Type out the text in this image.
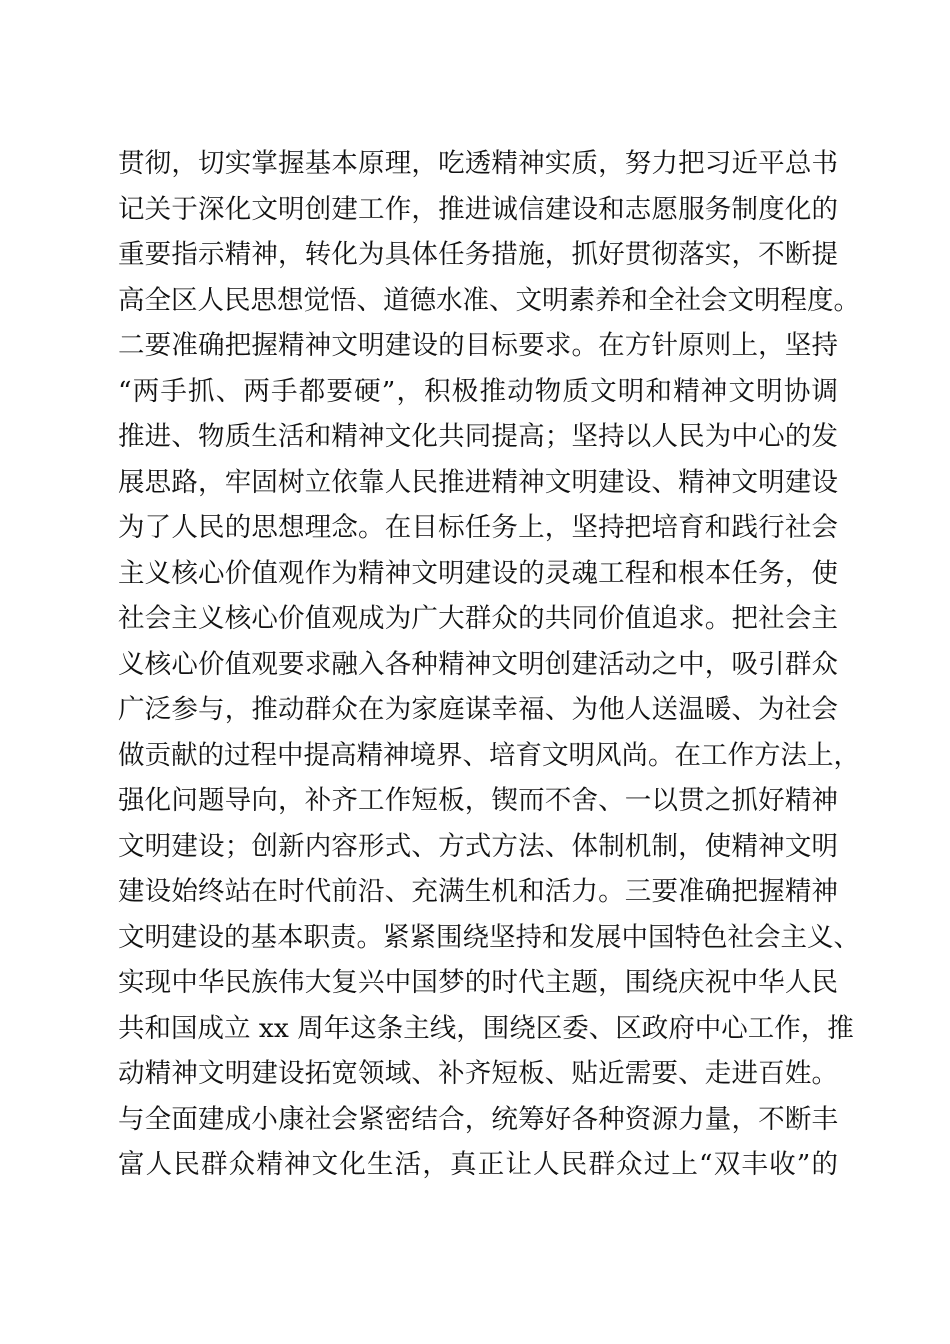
贯彻，切实掌握基本原理，吃透精神实质，努力把习近平总书
记关于深化文明创建工作，推进诚信建设和志愿服务制度化的
重要指示精神，转化为具体任务措施，抓好贯彻落实，不断提
高全区人民思想觉悟、道德水准、文明素养和全社会文明程度。
二要准确把握精神文明建设的目标要求。在方针原则上，坚持
“两手抓、两手都要硬”，积极推动物质文明和精神文明协调
推进、物质生活和精神文化共同提高；坚持以人民为中心的发
展思路，牢固树立依靠人民推进精神文明建设、精神文明建设
为了人民的思想理念。在目标任务上，坚持把培育和践行社会
主义核心价值观作为精神文明建设的灵魂工程和根本任务，使
社会主义核心价值观成为广大群众的共同价值追求。把社会主
义核心价值观要求融入各种精神文明创建活动之中，吸引群众
广泛参与，推动群众在为家庭谋幸福、为他人送温暖、为社会
做贡献的过程中提高精神境界、培育文明风尚。在工作方法上，
强化问题导向，补齐工作短板，锲而不舍、一以贯之抓好精神
文明建设；创新内容形式、方式方法、体制机制，使精神文明
建设始终站在时代前沿、充满生机和活力。三要准确把握精神
文明建设的基本职责。紧紧围绕坚持和发展中国特色社会主义、
实现中华民族伟大复兴中国梦的时代主题，围绕庆祝中华人民
共和国成立 xx 周年这条主线，围绕区委、区政府中心工作，推
动精神文明建设拓宽领域、补齐短板、贴近需要、走进百姓。
与全面建成小康社会紧密结合，统筹好各种资源力量，不断丰
富人民群众精神文化生活，真正让人民群众过上“双丰收”的
